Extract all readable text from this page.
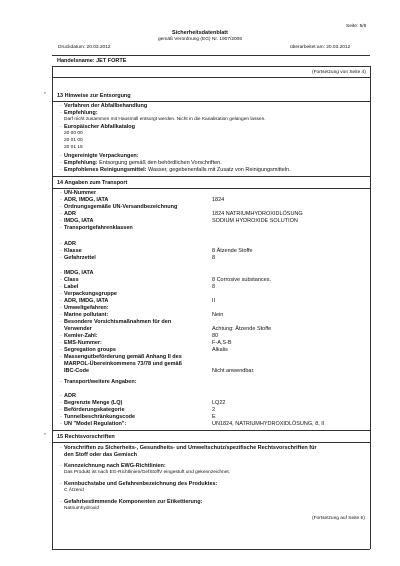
Seite: 5/6
Sicherheitsdatenblatt
gemäß Verordnung (EG) Nr. 1907/2006
Druckdatum: 20.03.2012	überarbeitet am: 20.03.2012
Handelsname: JET FORTE
(Fortsetzung von Seite 4)
* 13 Hinweise zur Entsorgung
· Verfahren der Abfallbehandlung
· Empfehlung:
Darf nicht zusammen mit Hausmüll entsorgt werden. Nicht in die Kanalisation gelangen lassen.
· Europäischer Abfallkatalog
20 00 00
20 01 00
20 01 15
· Ungereinigte Verpackungen:
· Empfehlung: Entsorgung gemäß den behördlichen Vorschriften.
· Empfohlenes Reinigungsmittel: Wasser, gegebenenfalls mit Zusatz von Reinigungsmitteln.
14 Angaben zum Transport
· UN-Nummer
· ADR, IMDG, IATA	1824
· Ordnungsgemäße UN-Versandbezeichnung
· ADR	1824 NATRIUMHYDROXIDLÖSUNG
· IMDG, IATA	SODIUM HYDROXIDE SOLUTION
· Transportgefahrenklassen
· ADR
· Klasse	8 Ätzende Stoffe
· Gefahrzettel	8
· IMDG, IATA
· Class	8 Corrosive substances.
· Label	8
· Verpackungsgruppe
· ADR, IMDG, IATA	II
· Umweltgefahren:
· Marine pollutant:	Nein
· Besondere Vorsichtsmaßnahmen für den
Verwender	Achtung: Ätzende Stoffe
· Kemler-Zahl:	80
· EMS-Nummer:	F-A,S-B
· Segregation groups	Alkalis
· Massengutbeförderung gemäß Anhang II des
MARPOL-Übereinkommens 73/78 und gemäß
IBC-Code	Nicht anwendbar.
· Transport/weitere Angaben:
· ADR
· Begrenzte Menge (LQ)	LQ22
· Beförderungskategorie	2
· Tunnelbeschränkungscode	E
· UN "Model Regulation":	UN1824, NATRIUMHYDROXIDLÖSUNG, 8, II
* 15 Rechtsvorschriften
· Vorschriften zu Sicherheits-, Gesundheits- und Umweltschutz/spezifische Rechtsvorschriften für
den Stoff oder das Gemisch
· Kennzeichnung nach EWG-Richtlinien:
Das Produkt ist nach EG-Richtlinien/GefStoffV eingestuft und gekennzeichnet.
· Kennbuchstabe und Gefahrenbezeichnung des Produktes:
C Ätzend
· Gefahrbestimmende Komponenten zur Etikettierung:
Natriumhydroxid
(Fortsetzung auf Seite 6)
